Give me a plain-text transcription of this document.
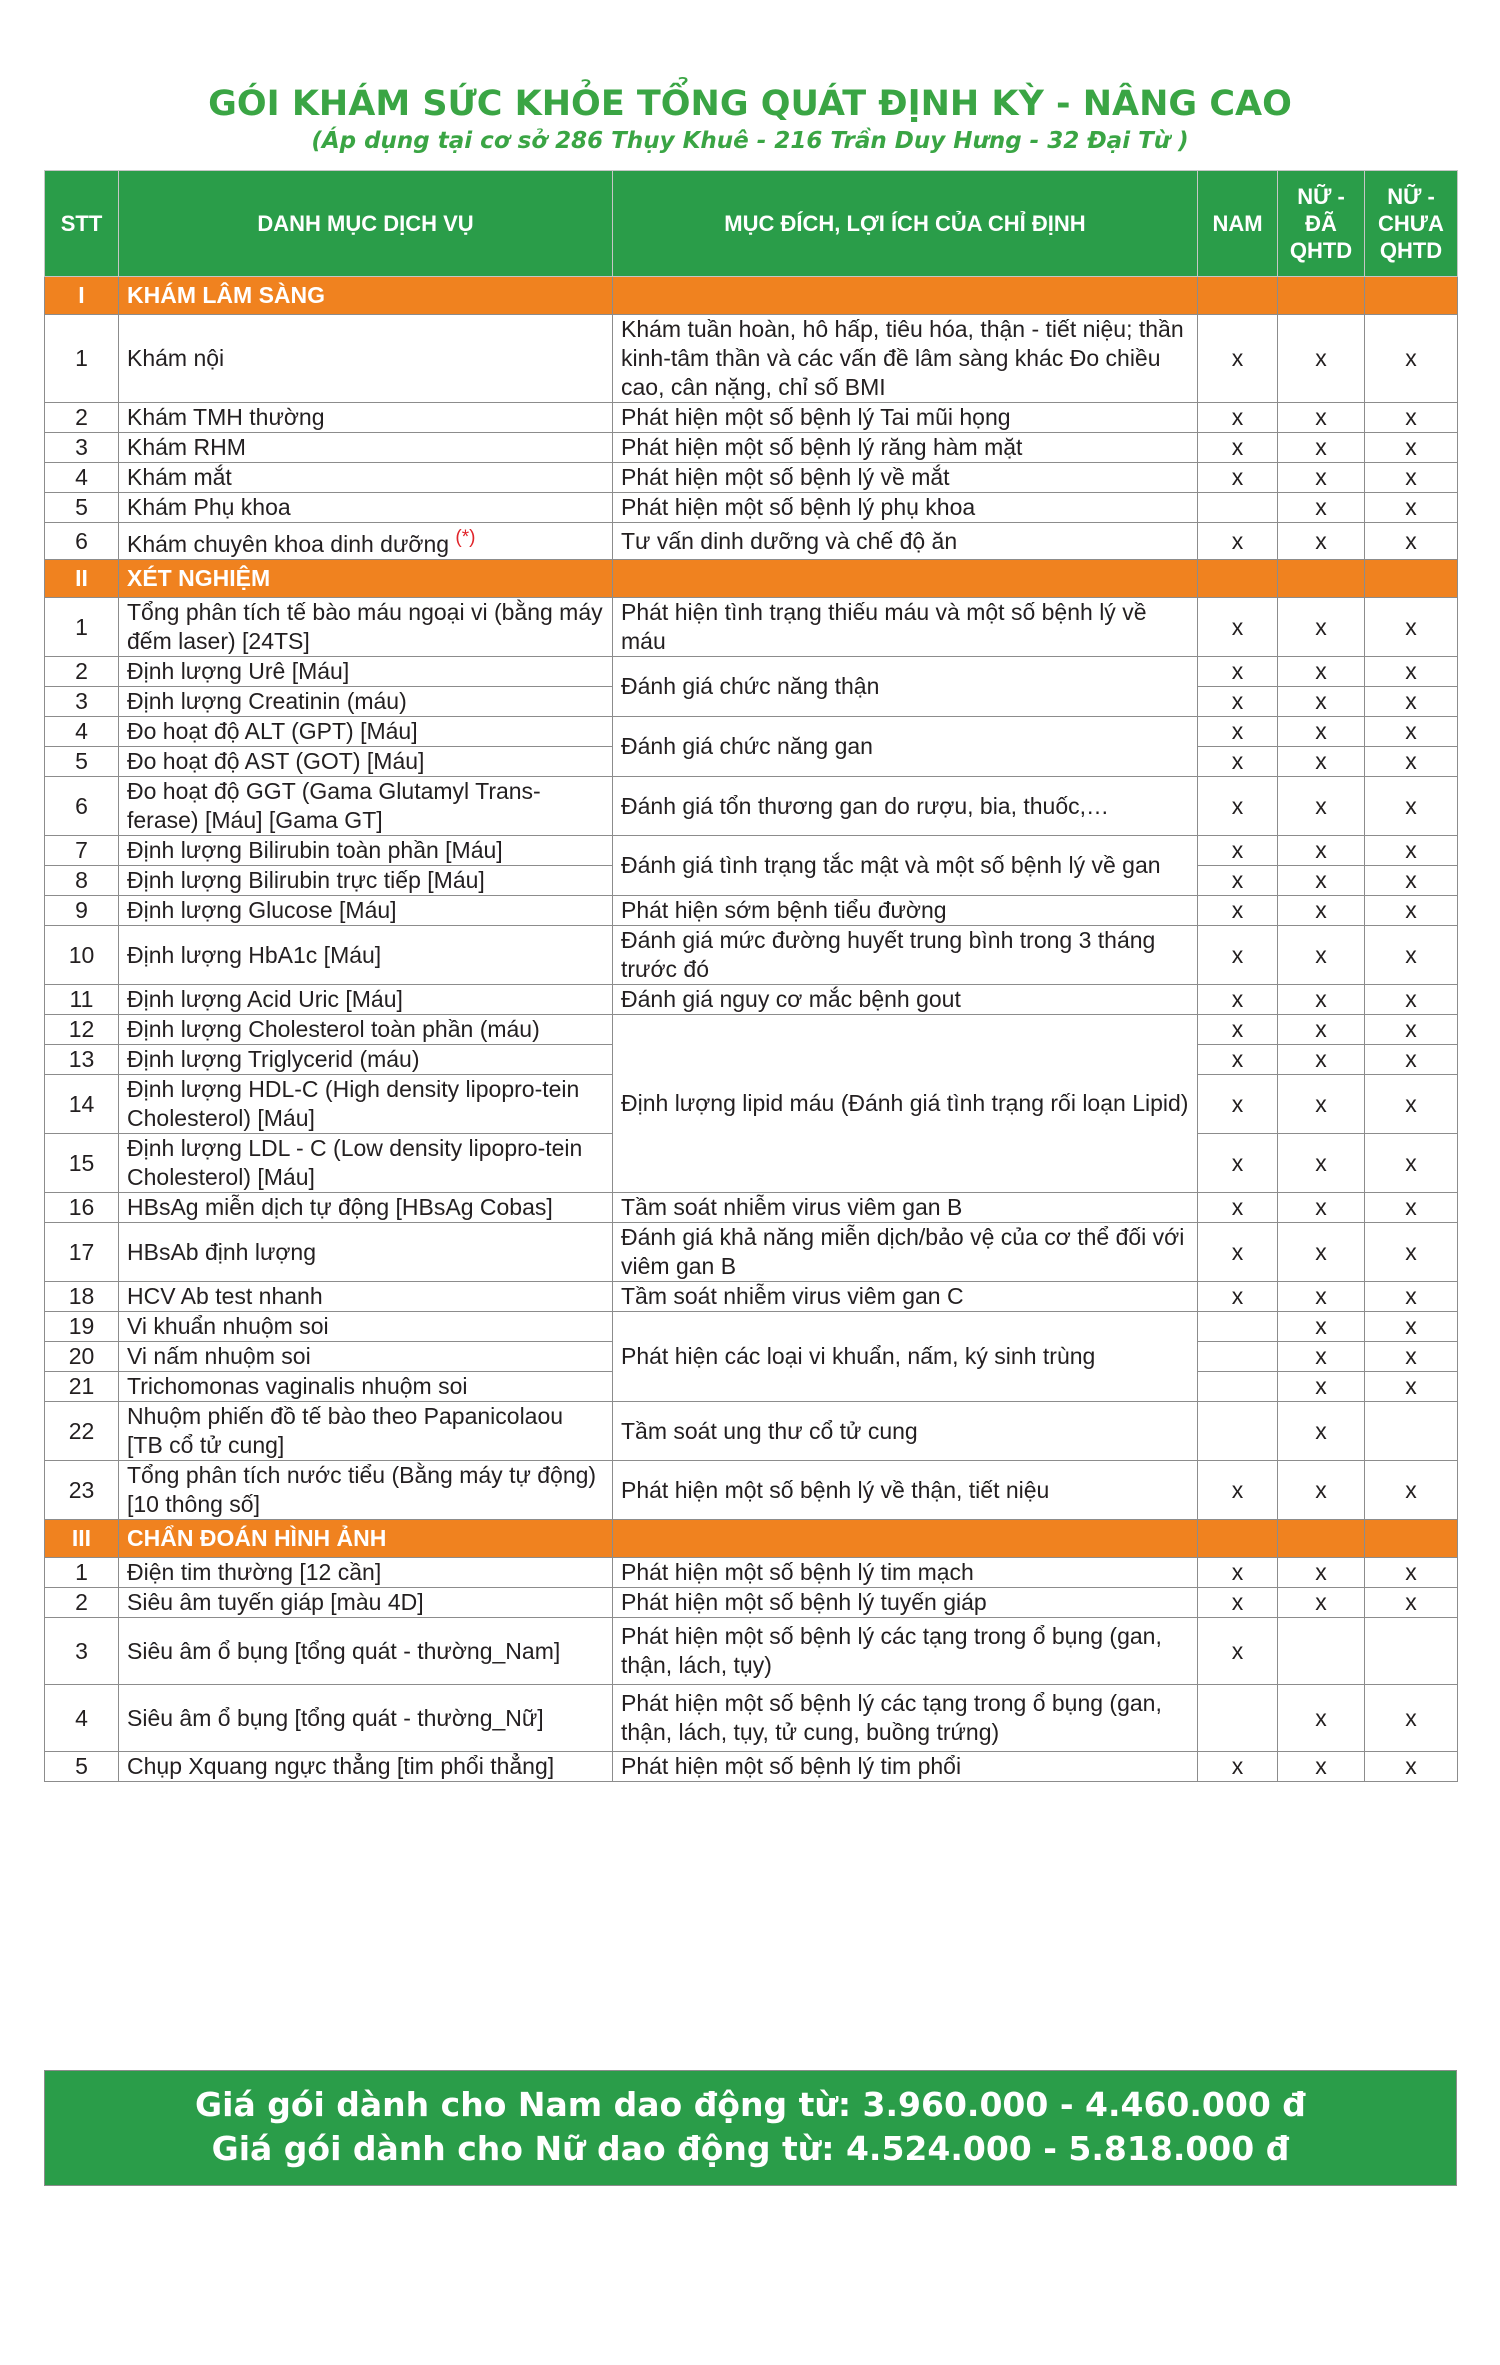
GÓI KHÁM SỨC KHỎE TỔNG QUÁT ĐỊNH KỲ - NÂNG CAO
(Áp dụng tại cơ sở 286 Thụy Khuê - 216 Trần Duy Hưng - 32 Đại Từ )
STT	DANH MỤC DỊCH VỤ	MỤC ĐÍCH, LỢI ÍCH CỦA CHỈ ĐỊNH	NAM	NỮ - ĐÃ QHTD	NỮ - CHƯA QHTD
I	KHÁM LÂM SÀNG				
1	Khám nội	Khám tuần hoàn, hô hấp, tiêu hóa, thận - tiết niệu; thần kinh-tâm thần và các vấn đề lâm sàng khác Đo chiều cao, cân nặng, chỉ số BMI	x	x	x
2	Khám TMH thường	Phát hiện một số bệnh lý Tai mũi họng	x	x	x
3	Khám RHM	Phát hiện một số bệnh lý răng hàm mặt	x	x	x
4	Khám mắt	Phát hiện một số bệnh lý về mắt	x	x	x
5	Khám Phụ khoa	Phát hiện một số bệnh lý phụ khoa		x	x
6	Khám chuyên khoa dinh dưỡng (*)	Tư vấn dinh dưỡng và chế độ ăn	x	x	x
II	XÉT NGHIỆM				
1	Tổng phân tích tế bào máu ngoại vi (bằng máy đếm laser) [24TS]	Phát hiện tình trạng thiếu máu và một số bệnh lý về máu	x	x	x
2	Định lượng Urê [Máu]	Đánh giá chức năng thận	x	x	x
3	Định lượng Creatinin (máu)		x	x	x
4	Đo hoạt độ ALT (GPT) [Máu]	Đánh giá chức năng gan	x	x	x
5	Đo hoạt độ AST (GOT) [Máu]		x	x	x
6	Đo hoạt độ GGT (Gama Glutamyl Trans-ferase) [Máu] [Gama GT]	Đánh giá tổn thương gan do rượu, bia, thuốc,…	x	x	x
7	Định lượng Bilirubin toàn phần [Máu]	Đánh giá tình trạng tắc mật và một số bệnh lý về gan	x	x	x
8	Định lượng Bilirubin trực tiếp [Máu]		x	x	x
9	Định lượng Glucose [Máu]	Phát hiện sớm bệnh tiểu đường	x	x	x
10	Định lượng HbA1c [Máu]	Đánh giá mức đường huyết trung bình trong 3 tháng trước đó	x	x	x
11	Định lượng Acid Uric [Máu]	Đánh giá nguy cơ mắc bệnh gout	x	x	x
12	Định lượng Cholesterol toàn phần (máu)	Định lượng lipid máu (Đánh giá tình trạng rối loạn Lipid)	x	x	x
13	Định lượng Triglycerid (máu)		x	x	x
14	Định lượng HDL-C (High density lipopro-tein Cholesterol) [Máu]		x	x	x
15	Định lượng LDL - C (Low density lipopro-tein Cholesterol) [Máu]		x	x	x
16	HBsAg miễn dịch tự động [HBsAg Cobas]	Tầm soát nhiễm virus viêm gan B	x	x	x
17	HBsAb định lượng	Đánh giá khả năng miễn dịch/bảo vệ của cơ thể đối với viêm gan B	x	x	x
18	HCV Ab test nhanh	Tầm soát nhiễm virus viêm gan C	x	x	x
19	Vi khuẩn nhuộm soi	Phát hiện các loại vi khuẩn, nấm, ký sinh trùng		x	x
20	Vi nấm nhuộm soi			x	x
21	Trichomonas vaginalis nhuộm soi			x	x
22	Nhuộm phiến đồ tế bào theo Papanicolaou [TB cổ tử cung]	Tầm soát ung thư cổ tử cung		x	
23	Tổng phân tích nước tiểu (Bằng máy tự động) [10 thông số]	Phát hiện một số bệnh lý về thận, tiết niệu	x	x	x
III	CHẨN ĐOÁN HÌNH ẢNH				
1	Điện tim thường [12 cần]	Phát hiện một số bệnh lý tim mạch	x	x	x
2	Siêu âm tuyến giáp [màu 4D]	Phát hiện một số bệnh lý tuyến giáp	x	x	x
3	Siêu âm ổ bụng [tổng quát - thường_Nam]	Phát hiện một số bệnh lý các tạng trong ổ bụng (gan, thận, lách, tụy)	x		
4	Siêu âm ổ bụng [tổng quát - thường_Nữ]	Phát hiện một số bệnh lý các tạng trong ổ bụng (gan, thận, lách, tụy, tử cung, buồng trứng)		x	x
5	Chụp Xquang ngực thẳng [tim phổi thẳng]	Phát hiện một số bệnh lý tim phổi	x	x	x
Giá gói dành cho Nam dao động từ: 3.960.000 - 4.460.000 đ
Giá gói dành cho Nữ dao động từ: 4.524.000 - 5.818.000 đ
